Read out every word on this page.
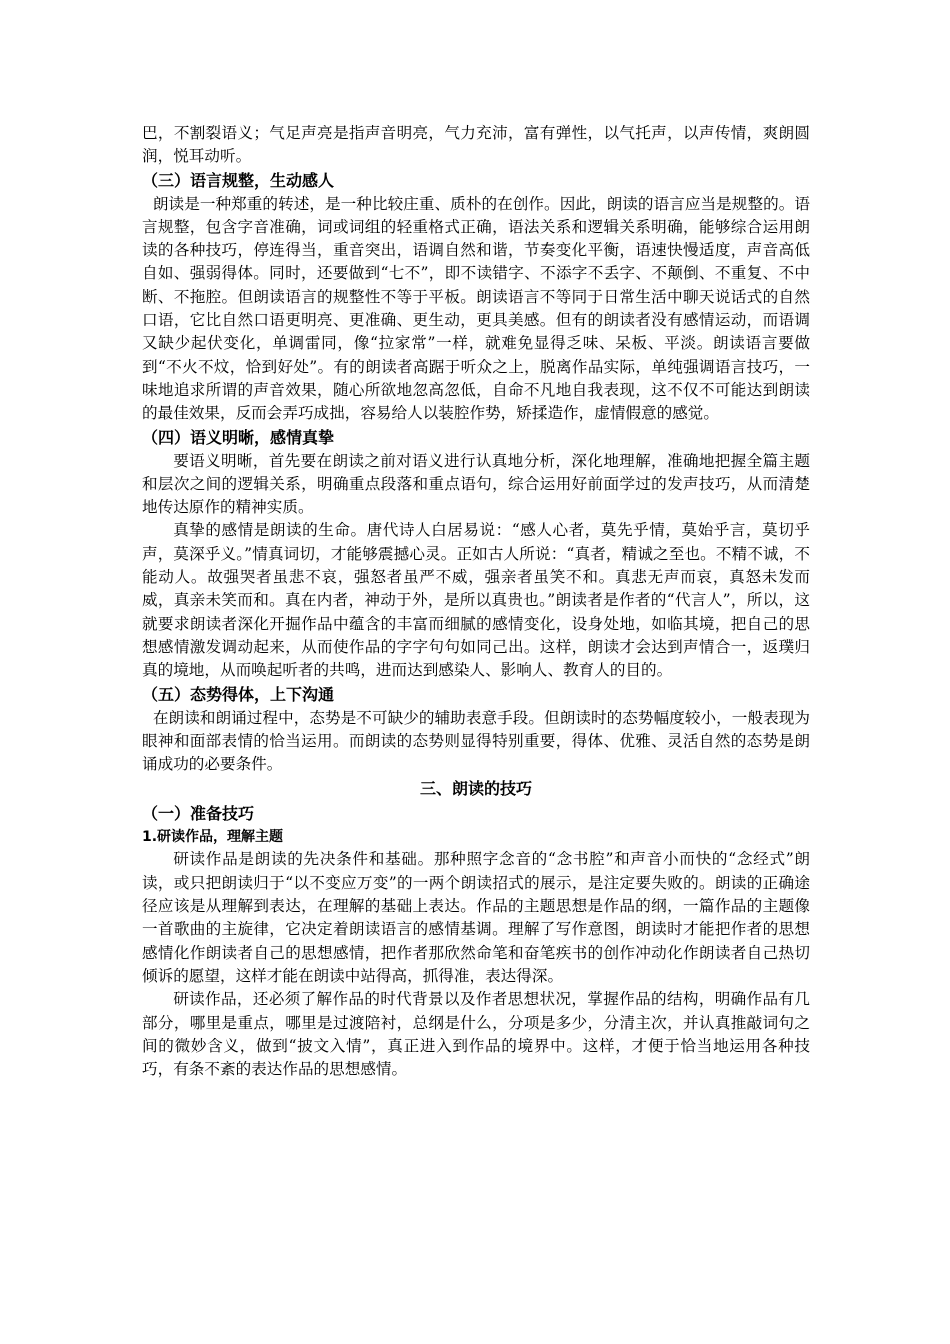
巴，不割裂语义；气足声亮是指声音明亮，气力充沛，富有弹性，以气托声，以声传情，爽朗圆润，悦耳动听。

（三）语言规整，生动感人

朗读是一种郑重的转述，是一种比较庄重、质朴的在创作。因此，朗读的语言应当是规整的。语言规整，包含字音准确，词或词组的轻重格式正确，语法关系和逻辑关系明确，能够综合运用朗读的各种技巧，停连得当，重音突出，语调自然和谐，节奏变化平衡，语速快慢适度，声音高低自如、强弱得体。同时，还要做到“七不”，即不读错字、不添字不丢字、不颠倒、不重复、不中断、不拖腔。但朗读语言的规整性不等于平板。朗读语言不等同于日常生活中聊天说话式的自然口语，它比自然口语更明亮、更准确、更生动，更具美感。但有的朗读者没有感情运动，而语调又缺少起伏变化，单调雷同，像“拉家常”一样，就难免显得乏味、呆板、平淡。朗读语言要做到“不火不炆，恰到好处”。有的朗读者高踞于听众之上，脱离作品实际，单纯强调语言技巧，一味地追求所谓的声音效果，随心所欲地忽高忽低，自命不凡地自我表现，这不仅不可能达到朗读的最佳效果，反而会弄巧成拙，容易给人以装腔作势，矫揉造作，虚情假意的感觉。

（四）语义明晰，感情真挚

要语义明晰，首先要在朗读之前对语义进行认真地分析，深化地理解，准确地把握全篇主题和层次之间的逻辑关系，明确重点段落和重点语句，综合运用好前面学过的发声技巧，从而清楚地传达原作的精神实质。

真挚的感情是朗读的生命。唐代诗人白居易说：“感人心者，莫先乎情，莫始乎言，莫切乎声，莫深乎义。”情真词切，才能够震撼心灵。正如古人所说：“真者，精诚之至也。不精不诚，不能动人。故强哭者虽悲不哀，强怒者虽严不威，强亲者虽笑不和。真悲无声而哀，真怒未发而威，真亲未笑而和。真在内者，神动于外，是所以真贵也。”朗读者是作者的“代言人”，所以，这就要求朗读者深化开掘作品中蕴含的丰富而细腻的感情变化，设身处地，如临其境，把自己的思想感情激发调动起来，从而使作品的字字句句如同己出。这样，朗读才会达到声情合一，返璞归真的境地，从而唤起听者的共鸣，进而达到感染人、影响人、教育人的目的。

（五）态势得体，上下沟通

在朗读和朗诵过程中，态势是不可缺少的辅助表意手段。但朗读时的态势幅度较小，一般表现为眼神和面部表情的恰当运用。而朗读的态势则显得特别重要，得体、优雅、灵活自然的态势是朗诵成功的必要条件。

三、朗读的技巧

（一）准备技巧

1.研读作品，理解主题

研读作品是朗读的先决条件和基础。那种照字念音的“念书腔”和声音小而快的“念经式”朗读，或只把朗读归于“以不变应万变”的一两个朗读招式的展示，是注定要失败的。朗读的正确途径应该是从理解到表达，在理解的基础上表达。作品的主题思想是作品的纲，一篇作品的主题像一首歌曲的主旋律，它决定着朗读语言的感情基调。理解了写作意图，朗读时才能把作者的思想感情化作朗读者自己的思想感情，把作者那欣然命笔和奋笔疾书的创作冲动化作朗读者自己热切倾诉的愿望，这样才能在朗读中站得高，抓得准，表达得深。

研读作品，还必须了解作品的时代背景以及作者思想状况，掌握作品的结构，明确作品有几部分，哪里是重点，哪里是过渡陪衬，总纲是什么，分项是多少，分清主次，并认真推敲词句之间的微妙含义，做到“披文入情”，真正进入到作品的境界中。这样，才便于恰当地运用各种技巧，有条不紊的表达作品的思想感情。
